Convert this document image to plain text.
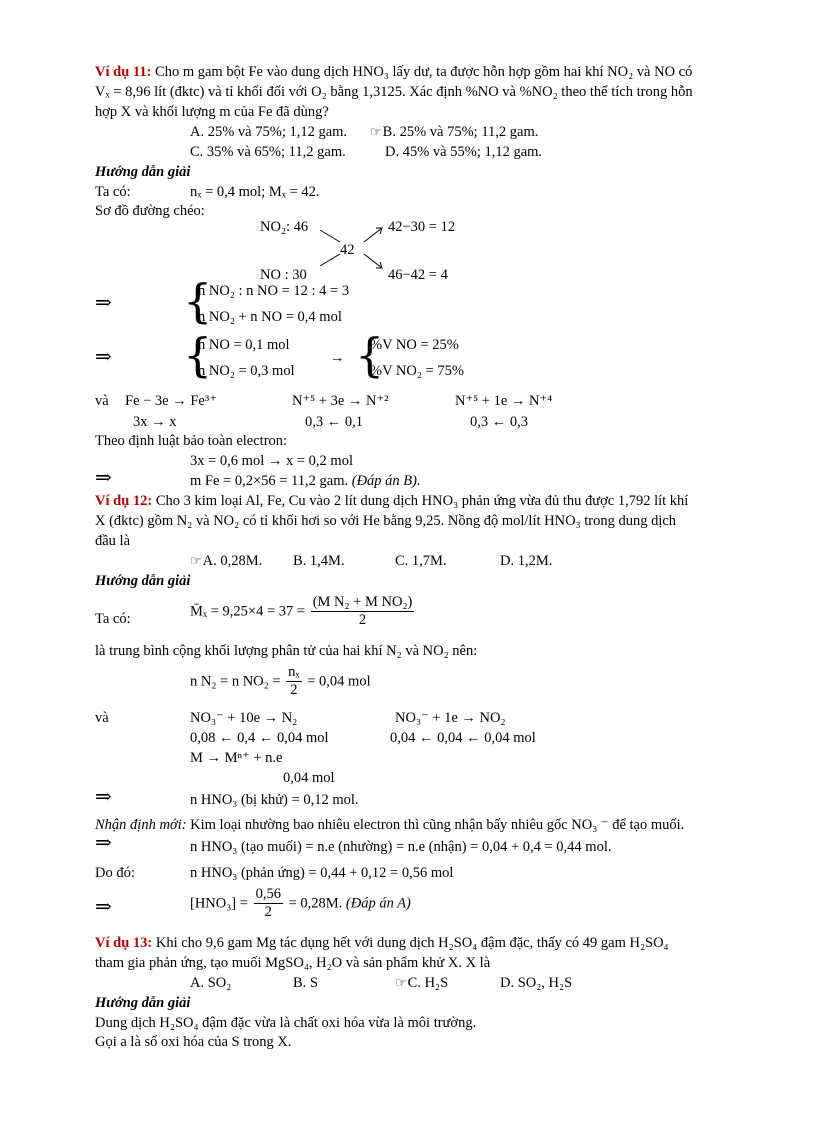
Ví dụ 11: Cho m gam bột Fe vào dung dịch HNO₃ lấy dư, ta được hỗn hợp gồm hai khí NO₂ và NO có
Vₓ = 8,96 lít (đktc) và tỉ khối đối với O₂ bằng 1,3125. Xác định %NO và %NO₂ theo thể tích trong hỗn
hợp X và khối lượng m của Fe đã dùng?
A. 25% và 75%; 1,12 gam. ☞B. 25% và 75%; 11,2 gam.
C. 35% và 65%; 11,2 gam.	D. 45% và 55%; 1,12 gam.
Hướng dẫn giải
Ta có:	nₓ = 0,4 mol; Mₓ = 42.
Sơ đồ đường chéo:
NO₂: 46
42
NO : 30
42−30 = 12
46−42 = 4
⇒ {
n NO₂ : n NO = 12 : 4 = 3
n NO₂ + n NO = 0,4 mol
⇒ {
n NO = 0,1 mol
n NO₂ = 0,3 mol
→ {
%V NO = 25%
%V NO₂ = 75%
và Fe − 3e → Fe³⁺	N⁺⁵ + 3e → N⁺²	N⁺⁵ + 1e → N⁺⁴
3x → x	0,3 ← 0,1	0,3 ← 0,3
Theo định luật bảo toàn electron:
3x = 0,6 mol → x = 0,2 mol
⇒	m Fe = 0,2×56 = 11,2 gam. (Đáp án B).
Ví dụ 12: Cho 3 kim loại Al, Fe, Cu vào 2 lít dung dịch HNO₃ phản ứng vừa đủ thu được 1,792 lít khí
X (đktc) gồm N₂ và NO₂ có tỉ khối hơi so với He bằng 9,25. Nồng độ mol/lít HNO₃ trong dung dịch
đầu là
☞A. 0,28M. B. 1,4M.	C. 1,7M.	D. 1,2M.
Hướng dẫn giải
Ta có:	M̄ₓ = $9,25\times 4 = 37 = \frac{\text{(M N₂ + M NO₂)}}{2}$
là trung bình cộng khối lượng phân tử của hai khí N₂ và NO₂ nên:
n N₂ = n $NO_2 = \frac{\text{nₓ}}{2} = 0,04$ mol
và	NO₃⁻ + 10e → N₂	NO₃⁻ + 1e → NO₂
0,08 ← 0,4 ← 0,04 mol	0,04 ← 0,04 ← 0,04 mol
M → Mⁿ⁺ + n.e
0,04 mol
⇒	n HNO₃ (bị khử) = 0,12 mol.
Nhận định mới: Kim loại nhường bao nhiêu electron thì cũng nhận bấy nhiêu gốc NO₃ ⁻ để tạo muối.
⇒	n HNO₃ (tạo muối) = n.e (nhường) = n.e (nhận) = 0,04 + 0,4 = 0,44 mol.
Do đó:	n HNO₃ (phản ứng) = 0,44 + 0,12 = 0,56 mol
⇒	$[HNO_3] = \frac{0,56}{2} = 0,28M$. (Đáp án A)
Ví dụ 13: Khi cho 9,6 gam Mg tác dụng hết với dung dịch H₂SO₄ đậm đặc, thấy có 49 gam H₂SO₄
tham gia phản ứng, tạo muối MgSO₄, H₂O và sản phẩm khử X. X là
A. SO₂	B. S	☞C. H₂S	D. SO₂, H₂S
Hướng dẫn giải
Dung dịch H₂SO₄ đậm đặc vừa là chất oxi hóa vừa là môi trường.
Gọi a là số oxi hóa của S trong X.
